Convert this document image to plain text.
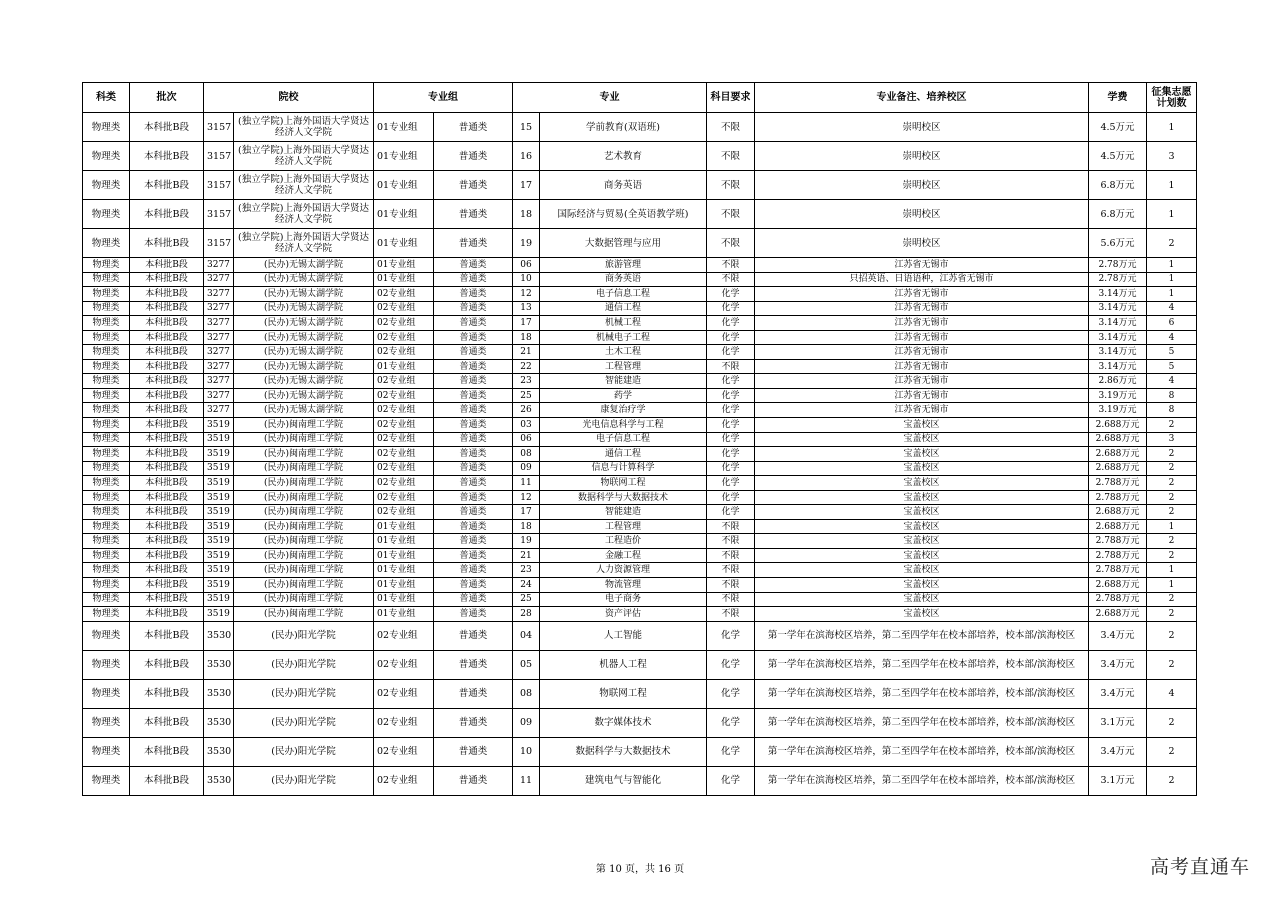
科类	批次	院校		专业组		专业		科目要求	专业备注、培养校区	学费	征集志愿计划数
物理类	本科批B段	3157	(独立学院)上海外国语大学贤达经济人文学院	01专业组	普通类	15	学前教育(双语班)	不限	崇明校区	4.5万元	1
物理类	本科批B段	3157	(独立学院)上海外国语大学贤达经济人文学院	01专业组	普通类	16	艺术教育	不限	崇明校区	4.5万元	3
物理类	本科批B段	3157	(独立学院)上海外国语大学贤达经济人文学院	01专业组	普通类	17	商务英语	不限	崇明校区	6.8万元	1
物理类	本科批B段	3157	(独立学院)上海外国语大学贤达经济人文学院	01专业组	普通类	18	国际经济与贸易(全英语教学班)	不限	崇明校区	6.8万元	1
物理类	本科批B段	3157	(独立学院)上海外国语大学贤达经济人文学院	01专业组	普通类	19	大数据管理与应用	不限	崇明校区	5.6万元	2
物理类	本科批B段	3277	(民办)无锡太湖学院	01专业组	普通类	06	旅游管理	不限	江苏省无锡市	2.78万元	1
物理类	本科批B段	3277	(民办)无锡太湖学院	01专业组	普通类	10	商务英语	不限	只招英语、日语语种，江苏省无锡市	2.78万元	1
物理类	本科批B段	3277	(民办)无锡太湖学院	02专业组	普通类	12	电子信息工程	化学	江苏省无锡市	3.14万元	1
物理类	本科批B段	3277	(民办)无锡太湖学院	02专业组	普通类	13	通信工程	化学	江苏省无锡市	3.14万元	4
物理类	本科批B段	3277	(民办)无锡太湖学院	02专业组	普通类	17	机械工程	化学	江苏省无锡市	3.14万元	6
物理类	本科批B段	3277	(民办)无锡太湖学院	02专业组	普通类	18	机械电子工程	化学	江苏省无锡市	3.14万元	4
物理类	本科批B段	3277	(民办)无锡太湖学院	02专业组	普通类	21	土木工程	化学	江苏省无锡市	3.14万元	5
物理类	本科批B段	3277	(民办)无锡太湖学院	01专业组	普通类	22	工程管理	不限	江苏省无锡市	3.14万元	5
物理类	本科批B段	3277	(民办)无锡太湖学院	02专业组	普通类	23	智能建造	化学	江苏省无锡市	2.86万元	4
物理类	本科批B段	3277	(民办)无锡太湖学院	02专业组	普通类	25	药学	化学	江苏省无锡市	3.19万元	8
物理类	本科批B段	3277	(民办)无锡太湖学院	02专业组	普通类	26	康复治疗学	化学	江苏省无锡市	3.19万元	8
物理类	本科批B段	3519	(民办)闽南理工学院	02专业组	普通类	03	光电信息科学与工程	化学	宝盖校区	2.688万元	2
物理类	本科批B段	3519	(民办)闽南理工学院	02专业组	普通类	06	电子信息工程	化学	宝盖校区	2.688万元	3
物理类	本科批B段	3519	(民办)闽南理工学院	02专业组	普通类	08	通信工程	化学	宝盖校区	2.688万元	2
物理类	本科批B段	3519	(民办)闽南理工学院	02专业组	普通类	09	信息与计算科学	化学	宝盖校区	2.688万元	2
物理类	本科批B段	3519	(民办)闽南理工学院	02专业组	普通类	11	物联网工程	化学	宝盖校区	2.788万元	2
物理类	本科批B段	3519	(民办)闽南理工学院	02专业组	普通类	12	数据科学与大数据技术	化学	宝盖校区	2.788万元	2
物理类	本科批B段	3519	(民办)闽南理工学院	02专业组	普通类	17	智能建造	化学	宝盖校区	2.688万元	2
物理类	本科批B段	3519	(民办)闽南理工学院	01专业组	普通类	18	工程管理	不限	宝盖校区	2.688万元	1
物理类	本科批B段	3519	(民办)闽南理工学院	01专业组	普通类	19	工程造价	不限	宝盖校区	2.788万元	2
物理类	本科批B段	3519	(民办)闽南理工学院	01专业组	普通类	21	金融工程	不限	宝盖校区	2.788万元	2
物理类	本科批B段	3519	(民办)闽南理工学院	01专业组	普通类	23	人力资源管理	不限	宝盖校区	2.788万元	1
物理类	本科批B段	3519	(民办)闽南理工学院	01专业组	普通类	24	物流管理	不限	宝盖校区	2.688万元	1
物理类	本科批B段	3519	(民办)闽南理工学院	01专业组	普通类	25	电子商务	不限	宝盖校区	2.788万元	2
物理类	本科批B段	3519	(民办)闽南理工学院	01专业组	普通类	28	资产评估	不限	宝盖校区	2.688万元	2
物理类	本科批B段	3530	(民办)阳光学院	02专业组	普通类	04	人工智能	化学	第一学年在滨海校区培养，第二至四学年在校本部培养，校本部/滨海校区	3.4万元	2
物理类	本科批B段	3530	(民办)阳光学院	02专业组	普通类	05	机器人工程	化学	第一学年在滨海校区培养，第二至四学年在校本部培养，校本部/滨海校区	3.4万元	2
物理类	本科批B段	3530	(民办)阳光学院	02专业组	普通类	08	物联网工程	化学	第一学年在滨海校区培养，第二至四学年在校本部培养，校本部/滨海校区	3.4万元	4
物理类	本科批B段	3530	(民办)阳光学院	02专业组	普通类	09	数字媒体技术	化学	第一学年在滨海校区培养，第二至四学年在校本部培养，校本部/滨海校区	3.1万元	2
物理类	本科批B段	3530	(民办)阳光学院	02专业组	普通类	10	数据科学与大数据技术	化学	第一学年在滨海校区培养，第二至四学年在校本部培养，校本部/滨海校区	3.4万元	2
物理类	本科批B段	3530	(民办)阳光学院	02专业组	普通类	11	建筑电气与智能化	化学	第一学年在滨海校区培养，第二至四学年在校本部培养，校本部/滨海校区	3.1万元	2
第 10 页，共 16 页	高考直通车
